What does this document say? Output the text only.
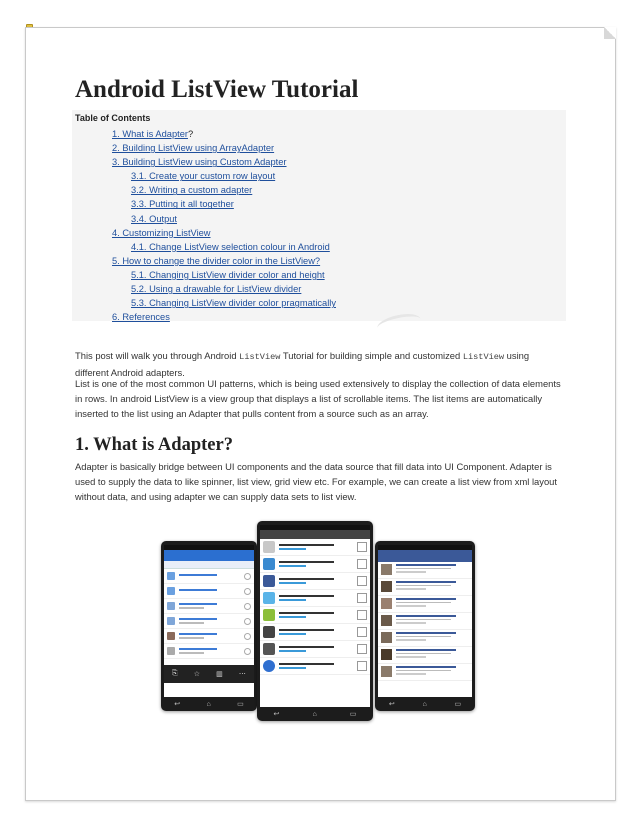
Android ListView Tutorial
Table of Contents
1. What is Adapter?
2. Building ListView using ArrayAdapter
3. Building ListView using Custom Adapter
3.1. Create your custom row layout
3.2. Writing a custom adapter
3.3. Putting it all together
3.4. Output
4. Customizing ListView
4.1. Change ListView selection colour in Android
5. How to change the divider color in the ListView?
5.1. Changing ListView divider color and height
5.2. Using a drawable for ListView divider
5.3. Changing ListView divider color pragmatically
6. References

This post will walk you through Android ListView Tutorial for building simple and customized ListView using different Android adapters.

List is one of the most common UI patterns, which is being used extensively to display the collection of data elements in rows. In android ListView is a view group that displays a list of scrollable items. The list items are automatically inserted to the list using an Adapter that pulls content from a source such as an array.

1. What is Adapter?

Adapter is basically bridge between UI components and the data source that fill data into UI Component. Adapter is used to supply the data to like spinner, list view, grid view etc. For example, we can create a list view from xml layout without data, and using adapter we can supply data sets to list view.

⎘ ☆ ▥ ⋯
↩	⌂	▭
↩	⌂	▭
↩	⌂	▭
